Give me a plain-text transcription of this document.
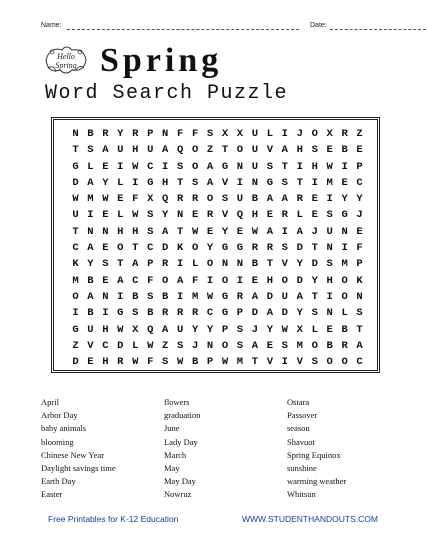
Name:	Date:
Hello
Spring Spring
Word Search Puzzle
N B R Y R P N F F S X X U L I J O X R Z
T S A U H U A Q O Z T O U V A H S E B E
G L E I W C I S O A G N U S T I H W I P
D A Y L I G H T S A V I N G S T I M E C
W M W E F X Q R R O S U B A A R E I Y Y
U I E L W S Y N E R V Q H E R L E S G J
T N N H H S A T W E Y E W A I A J U N E
C A E O T C D K O Y G G R R S D T N I F
K Y S T A P R I L O N N B T V Y D S M P
M B E A C F O A F I O I E H O D Y H O K
O A N I B S B I M W G R A D U A T I O N
I B I G S B R R R C G P D A D Y S N L S
G U H W X Q A U Y Y P S J Y W X L E B T
Z V C D L W Z S J N O S A E S M O B R A
D E H R W F S W B P W M T V I V S O O C
April
Arbor Day
baby animals
blooming
Chinese New Year
Daylight savings time
Earth Day
Easter
flowers
graduation
June
Lady Day
March
May
May Day
Nowruz
Ostara
Passover
season
Shavuot
Spring Equinox
sunshine
warming weather
Whitsun
Free Printables for K-12 Education	WWW.STUDENTHANDOUTS.COM
